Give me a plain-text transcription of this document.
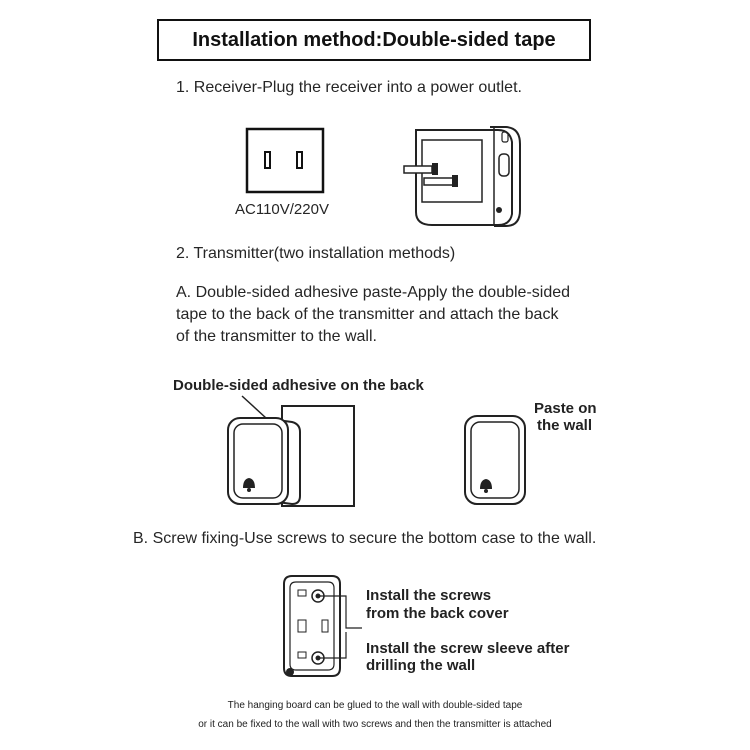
Installation method:Double-sided tape
1. Receiver-Plug the receiver into a power outlet.
AC110V/220V
2. Transmitter(two installation methods)
A. Double-sided adhesive paste-Apply the double-sided
tape to the back of the transmitter and attach the back
of the transmitter to the wall.
Double-sided adhesive on the back
Paste on
the wall
B. Screw fixing-Use screws to secure the bottom case to the wall.
Install the screws
from the back cover
Install the screw sleeve after
drilling the wall
The hanging board can be glued to the wall with double-sided tape
or it can be fixed to the wall with two screws and then the transmitter is attached
